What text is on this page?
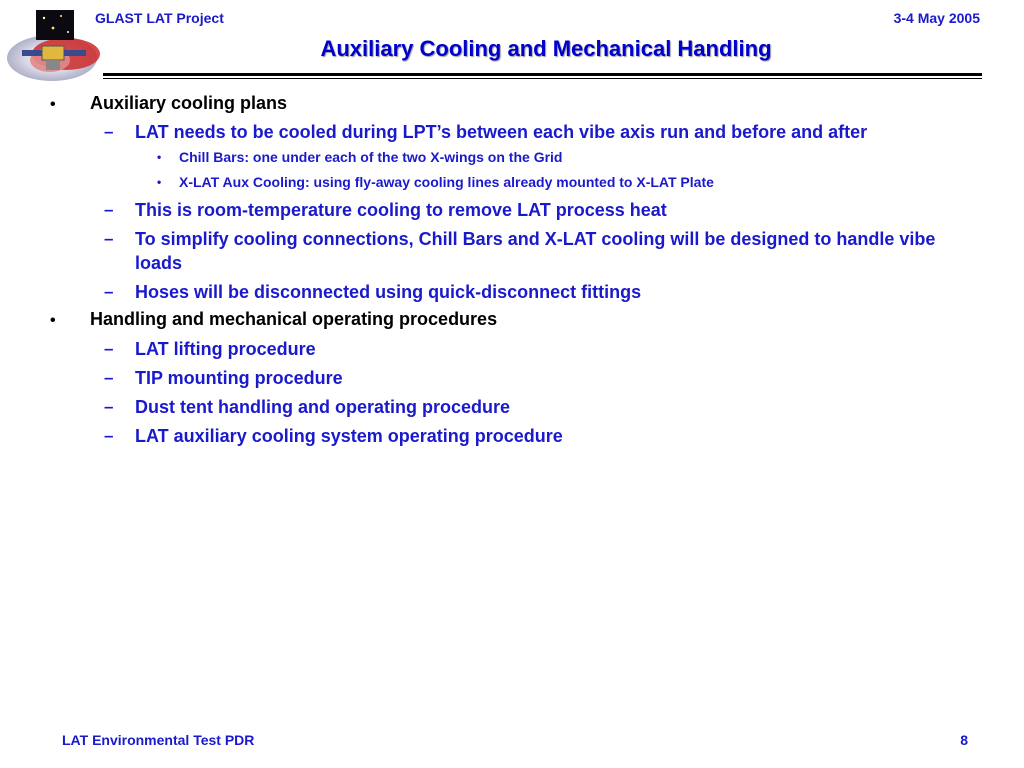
GLAST LAT Project	3-4 May 2005
Auxiliary Cooling and Mechanical Handling
• Auxiliary cooling plans
– LAT needs to be cooled during LPT’s between each vibe axis run and before and after
• Chill Bars: one under each of the two X-wings on the Grid
• X-LAT Aux Cooling: using fly-away cooling lines already mounted to X-LAT Plate
– This is room-temperature cooling to remove LAT process heat
– To simplify cooling connections, Chill Bars and X-LAT cooling will be designed to handle vibe loads
– Hoses will be disconnected using quick-disconnect fittings
• Handling and mechanical operating procedures
– LAT lifting procedure
– TIP mounting procedure
– Dust tent handling and operating procedure
– LAT auxiliary cooling system operating procedure
LAT Environmental Test PDR	8
